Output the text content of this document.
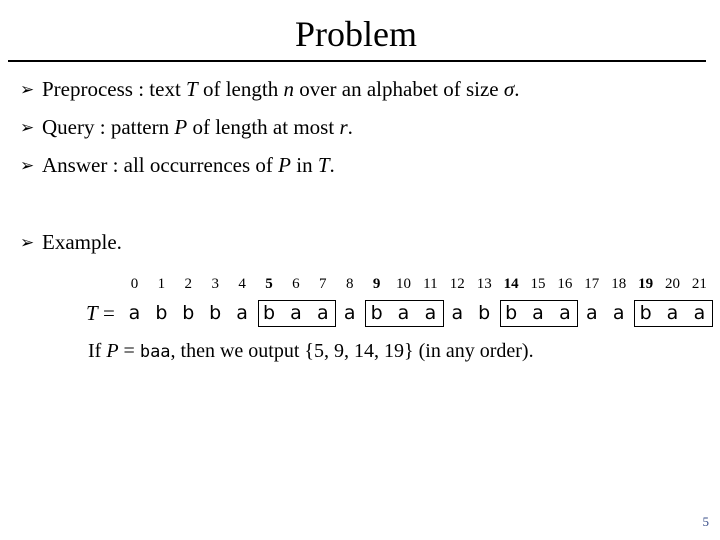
Problem
➢ Preprocess : text T of length n over an alphabet of size σ.
➢ Query : pattern P of length at most r.
➢ Answer : all occurrences of P in T.
➢ Example.
0	1	2	3	4	5	6	7	8	9	10 11 12 13 14 15 16 17 18 19 20 21
T = a b b b a b a a a b a a a b b a a a a b a a
If P = baa, then we output {5, 9, 14, 19} (in any order).
5
